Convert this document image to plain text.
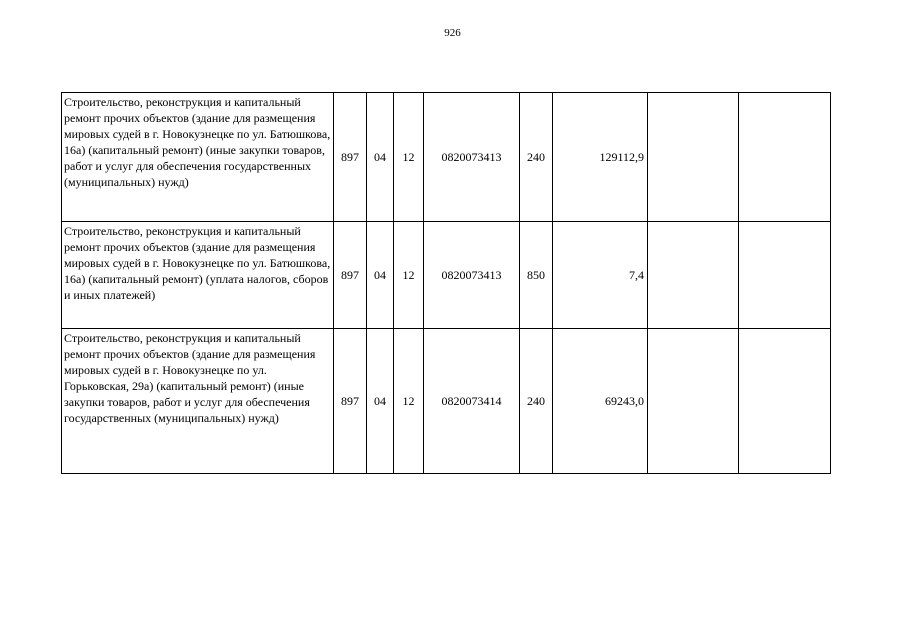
926
Строительство, реконструкция и капитальный ремонт прочих объектов (здание для размещения мировых судей в г. Новокузнецке по ул. Батюшкова, 16а) (капитальный ремонт) (иные закупки товаров, работ и услуг для обеспечения государственных (муниципальных) нужд)	897	04	12	0820073413	240	129112,9		
Строительство, реконструкция и капитальный ремонт прочих объектов (здание для размещения мировых судей в г. Новокузнецке по ул. Батюшкова, 16а) (капитальный ремонт) (уплата налогов, сборов и иных платежей)	897	04	12	0820073413	850	7,4		
Строительство, реконструкция и капитальный ремонт прочих объектов (здание для размещения мировых судей в г. Новокузнецке по ул. Горьковская, 29а) (капитальный ремонт) (иные закупки товаров, работ и услуг для обеспечения государственных (муниципальных) нужд)	897	04	12	0820073414	240	69243,0		
